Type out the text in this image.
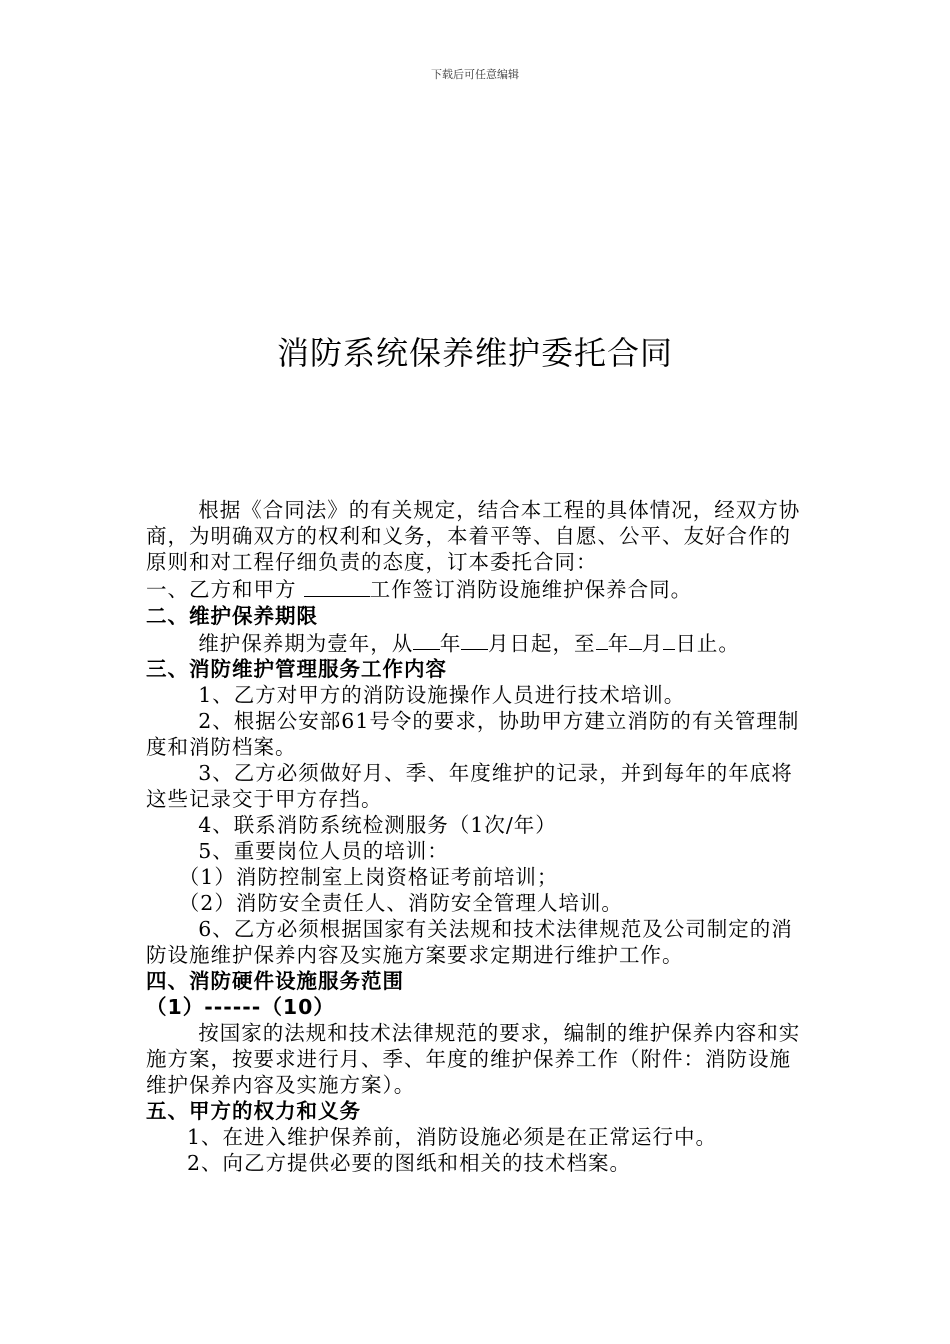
下载后可任意编辑
消防系统保养维护委托合同

根据《合同法》的有关规定，结合本工程的具体情况，经双方协商，为明确双方的权利和义务，本着平等、自愿、公平、友好合作的原则和对工程仔细负责的态度，订本委托合同：

一、乙方和甲方	工作签订消防设施维护保养合同。

二、维护保养期限

维护保养期为壹年，从 年 月日起，至 年 月 日止。

三、消防维护管理服务工作内容

1、乙方对甲方的消防设施操作人员进行技术培训。

2、根据公安部61号令的要求，协助甲方建立消防的有关管理制度和消防档案。

3、乙方必须做好月、季、年度维护的记录，并到每年的年底将这些记录交于甲方存挡。

4、联系消防系统检测服务（1次/年）

5、重要岗位人员的培训：

（1）消防控制室上岗资格证考前培训；

（2）消防安全责任人、消防安全管理人培训。

6、乙方必须根据国家有关法规和技术法律规范及公司制定的消防设施维护保养内容及实施方案要求定期进行维护工作。

四、消防硬件设施服务范围

（1）------（10）

按国家的法规和技术法律规范的要求，编制的维护保养内容和实施方案，按要求进行月、季、年度的维护保养工作（附件：消防设施维护保养内容及实施方案）。

五、甲方的权力和义务

1、在进入维护保养前，消防设施必须是在正常运行中。

2、向乙方提供必要的图纸和相关的技术档案。
